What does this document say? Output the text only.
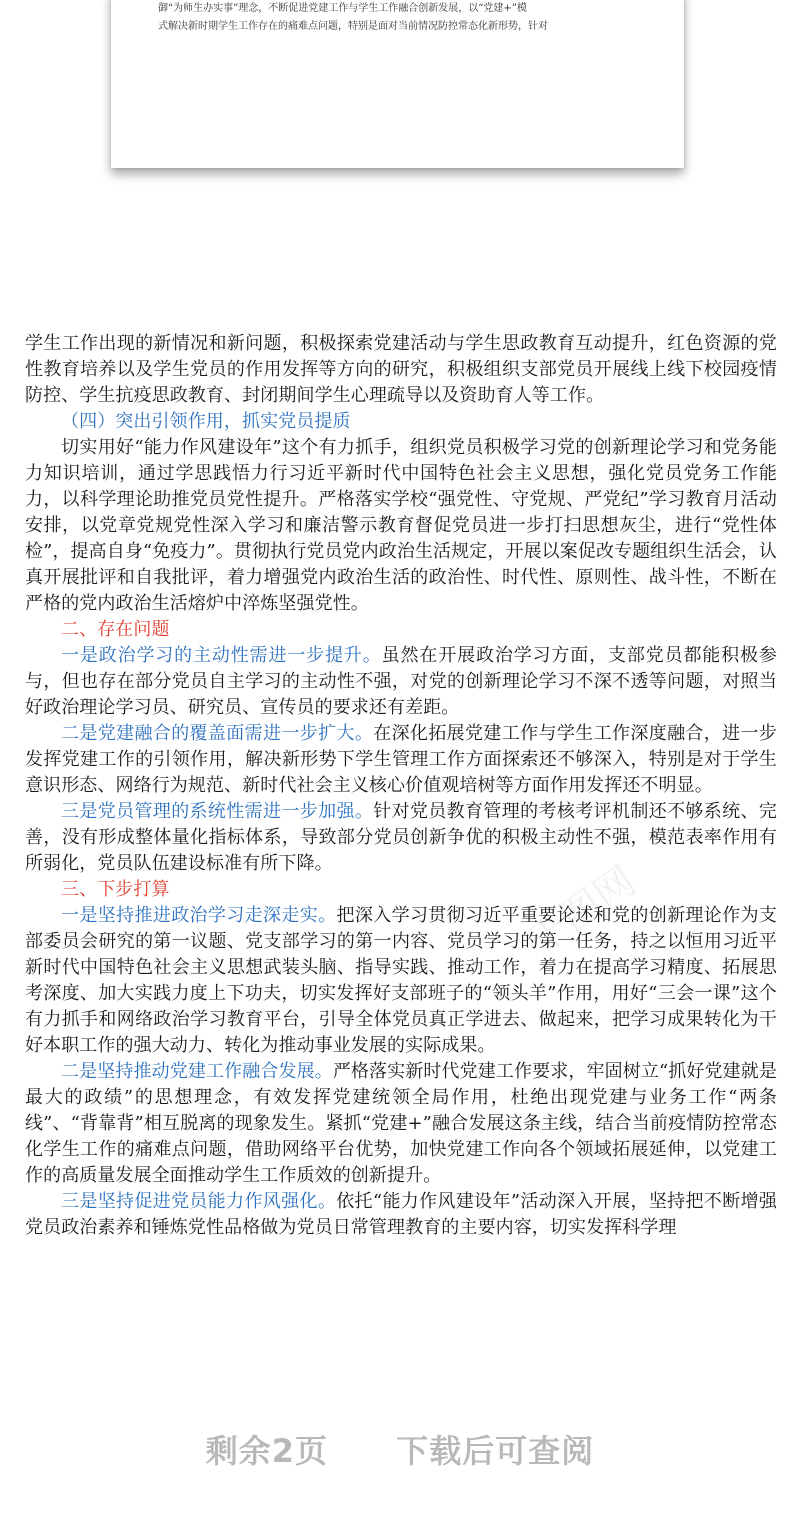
御“为师生办实事”理念，不断促进党建工作与学生工作融合创新发展，以“党建+”模
式解决新时期学生工作存在的痛难点问题，特别是面对当前情况防控常态化新形势，针对

千图网

学生工作出现的新情况和新问题，积极探索党建活动与学生思政教育互动提升，红色资源的党性教育培养以及学生党员的作用发挥等方向的研究，积极组织支部党员开展线上线下校园疫情防控、学生抗疫思政教育、封闭期间学生心理疏导以及资助育人等工作。

（四）突出引领作用，抓实党员提质

切实用好“能力作风建设年”这个有力抓手，组织党员积极学习党的创新理论学习和党务能力知识培训，通过学思践悟力行习近平新时代中国特色社会主义思想，强化党员党务工作能力，以科学理论助推党员党性提升。严格落实学校“强党性、守党规、严党纪”学习教育月活动安排，以党章党规党性深入学习和廉洁警示教育督促党员进一步打扫思想灰尘，进行“党性体检”，提高自身“免疫力”。贯彻执行党员党内政治生活规定，开展以案促改专题组织生活会，认真开展批评和自我批评，着力增强党内政治生活的政治性、时代性、原则性、战斗性，不断在严格的党内政治生活熔炉中淬炼坚强党性。

二、存在问题

一是政治学习的主动性需进一步提升。虽然在开展政治学习方面，支部党员都能积极参与，但也存在部分党员自主学习的主动性不强，对党的创新理论学习不深不透等问题，对照当好政治理论学习员、研究员、宣传员的要求还有差距。

二是党建融合的覆盖面需进一步扩大。在深化拓展党建工作与学生工作深度融合，进一步发挥党建工作的引领作用，解决新形势下学生管理工作方面探索还不够深入，特别是对于学生意识形态、网络行为规范、新时代社会主义核心价值观培树等方面作用发挥还不明显。

三是党员管理的系统性需进一步加强。针对党员教育管理的考核考评机制还不够系统、完善，没有形成整体量化指标体系，导致部分党员创新争优的积极主动性不强，模范表率作用有所弱化，党员队伍建设标准有所下降。

三、下步打算

一是坚持推进政治学习走深走实。把深入学习贯彻习近平重要论述和党的创新理论作为支部委员会研究的第一议题、党支部学习的第一内容、党员学习的第一任务，持之以恒用习近平新时代中国特色社会主义思想武装头脑、指导实践、推动工作，着力在提高学习精度、拓展思考深度、加大实践力度上下功夫，切实发挥好支部班子的“领头羊”作用，用好“三会一课”这个有力抓手和网络政治学习教育平台，引导全体党员真正学进去、做起来，把学习成果转化为干好本职工作的强大动力、转化为推动事业发展的实际成果。

二是坚持推动党建工作融合发展。严格落实新时代党建工作要求，牢固树立“抓好党建就是最大的政绩”的思想理念，有效发挥党建统领全局作用，杜绝出现党建与业务工作“两条线”、“背靠背”相互脱离的现象发生。紧抓“党建+”融合发展这条主线，结合当前疫情防控常态化学生工作的痛难点问题，借助网络平台优势，加快党建工作向各个领域拓展延伸，以党建工作的高质量发展全面推动学生工作质效的创新提升。

三是坚持促进党员能力作风强化。依托“能力作风建设年”活动深入开展，坚持把不断增强党员政治素养和锤炼党性品格做为党员日常管理教育的主要内容，切实发挥科学理

剩余2页 下载后可查阅
